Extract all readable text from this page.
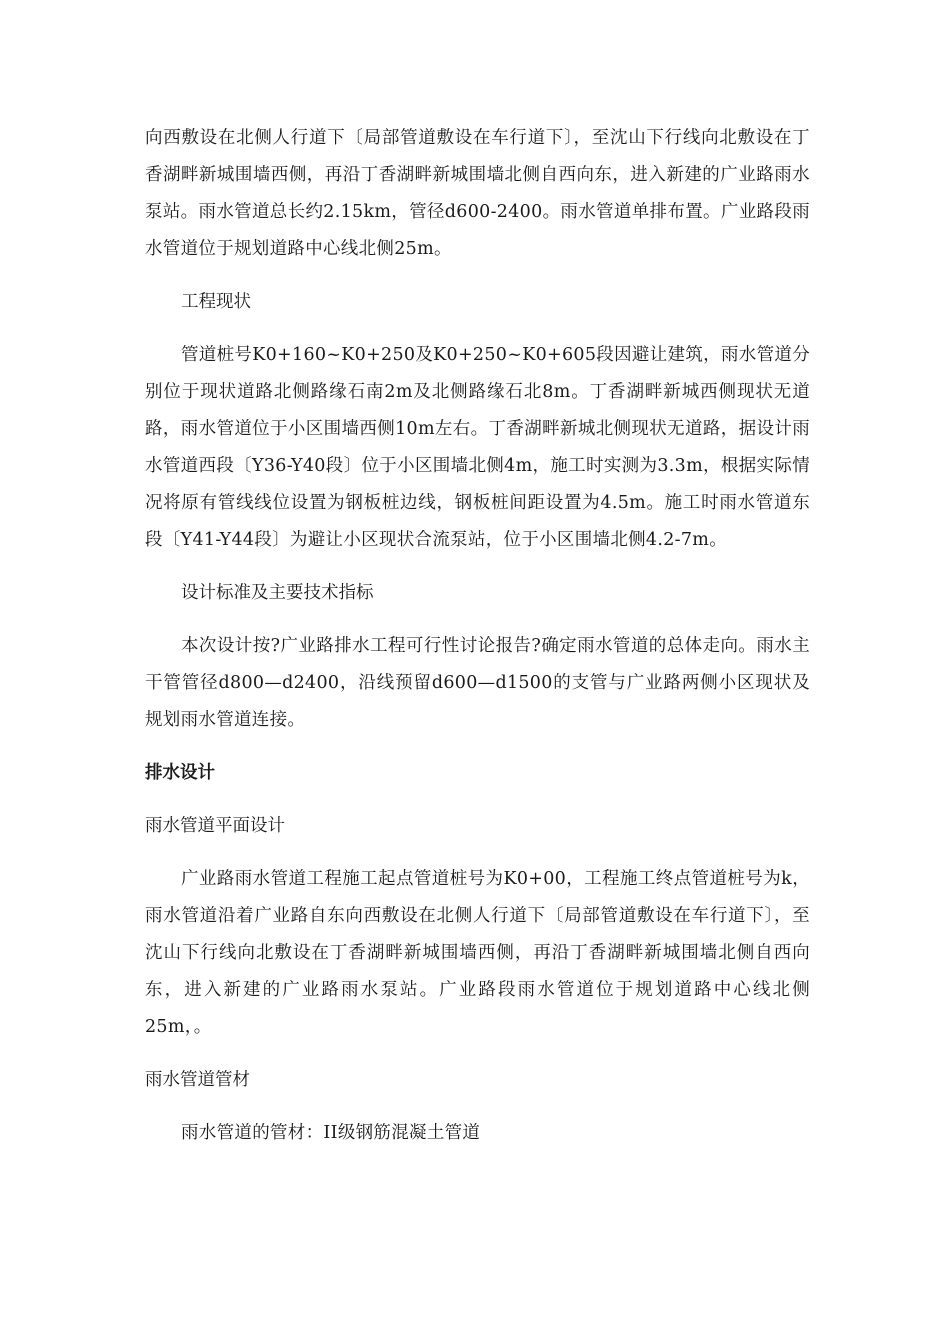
向西敷设在北侧人行道下〔局部管道敷设在车行道下〕，至沈山下行线向北敷设在丁香湖畔新城围墙西侧，再沿丁香湖畔新城围墙北侧自西向东，进入新建的广业路雨水泵站。雨水管道总长约2.15km，管径d600-2400。雨水管道单排布置。广业路段雨水管道位于规划道路中心线北侧25m。

工程现状

管道桩号K0+160~K0+250及K0+250~K0+605段因避让建筑，雨水管道分别位于现状道路北侧路缘石南2m及北侧路缘石北8m。丁香湖畔新城西侧现状无道路，雨水管道位于小区围墙西侧10m左右。丁香湖畔新城北侧现状无道路，据设计雨水管道西段〔Y36-Y40段〕位于小区围墙北侧4m，施工时实测为3.3m，根据实际情况将原有管线线位设置为钢板桩边线，钢板桩间距设置为4.5m。施工时雨水管道东段〔Y41-Y44段〕为避让小区现状合流泵站，位于小区围墙北侧4.2-7m。

设计标准及主要技术指标

本次设计按?广业路排水工程可行性讨论报告?确定雨水管道的总体走向。雨水主干管管径d800—d2400，沿线预留d600—d1500的支管与广业路两侧小区现状及规划雨水管道连接。

排水设计

雨水管道平面设计

广业路雨水管道工程施工起点管道桩号为K0+00，工程施工终点管道桩号为k，雨水管道沿着广业路自东向西敷设在北侧人行道下〔局部管道敷设在车行道下〕，至沈山下行线向北敷设在丁香湖畔新城围墙西侧，再沿丁香湖畔新城围墙北侧自西向东，进入新建的广业路雨水泵站。广业路段雨水管道位于规划道路中心线北侧25m，。

雨水管道管材

雨水管道的管材：II级钢筋混凝土管道
